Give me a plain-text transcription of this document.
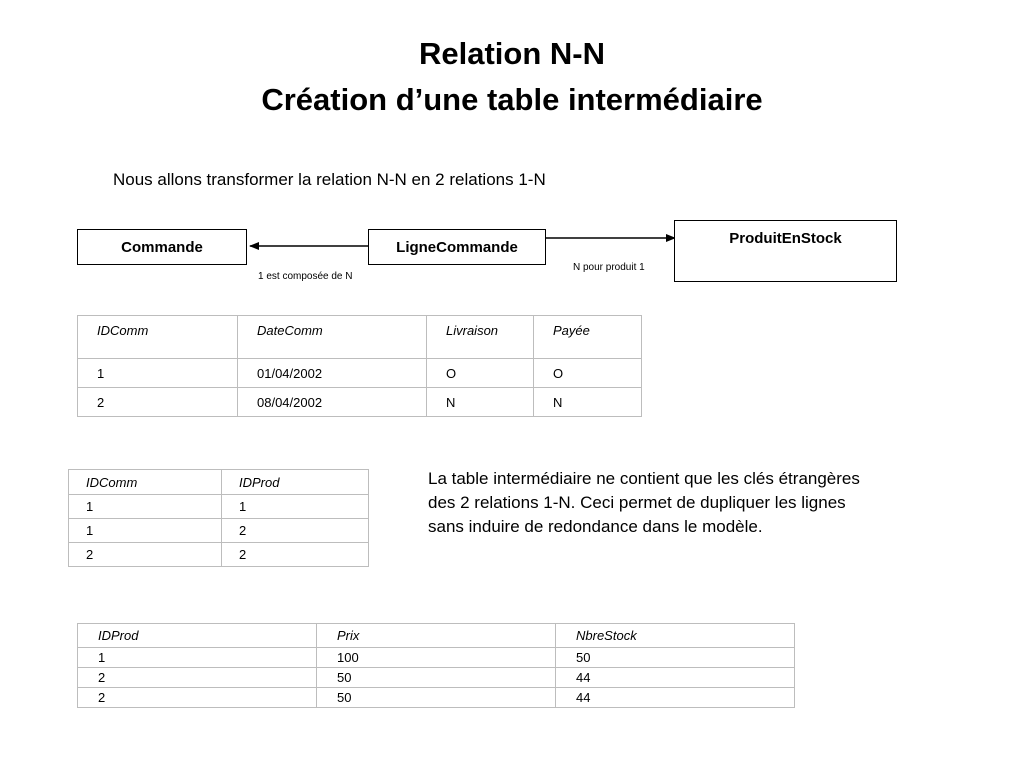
Relation N-N
Création d’une table intermédiaire
Nous allons transformer la relation N-N en 2 relations 1-N
Commande	LigneCommande	ProduitEnStock
1 est composée de N
N pour produit 1
IDComm	DateComm	Livraison	Payée
1	01/04/2002	O	O
2	08/04/2002	N	N
IDComm	IDProd
1	1
1	2
2	2
La table intermédiaire ne contient que les clés étrangères des 2 relations 1-N. Ceci permet de dupliquer les lignes sans induire de redondance dans le modèle.
IDProd	Prix	NbreStock
1	100	50
2	50	44
2	50	44
